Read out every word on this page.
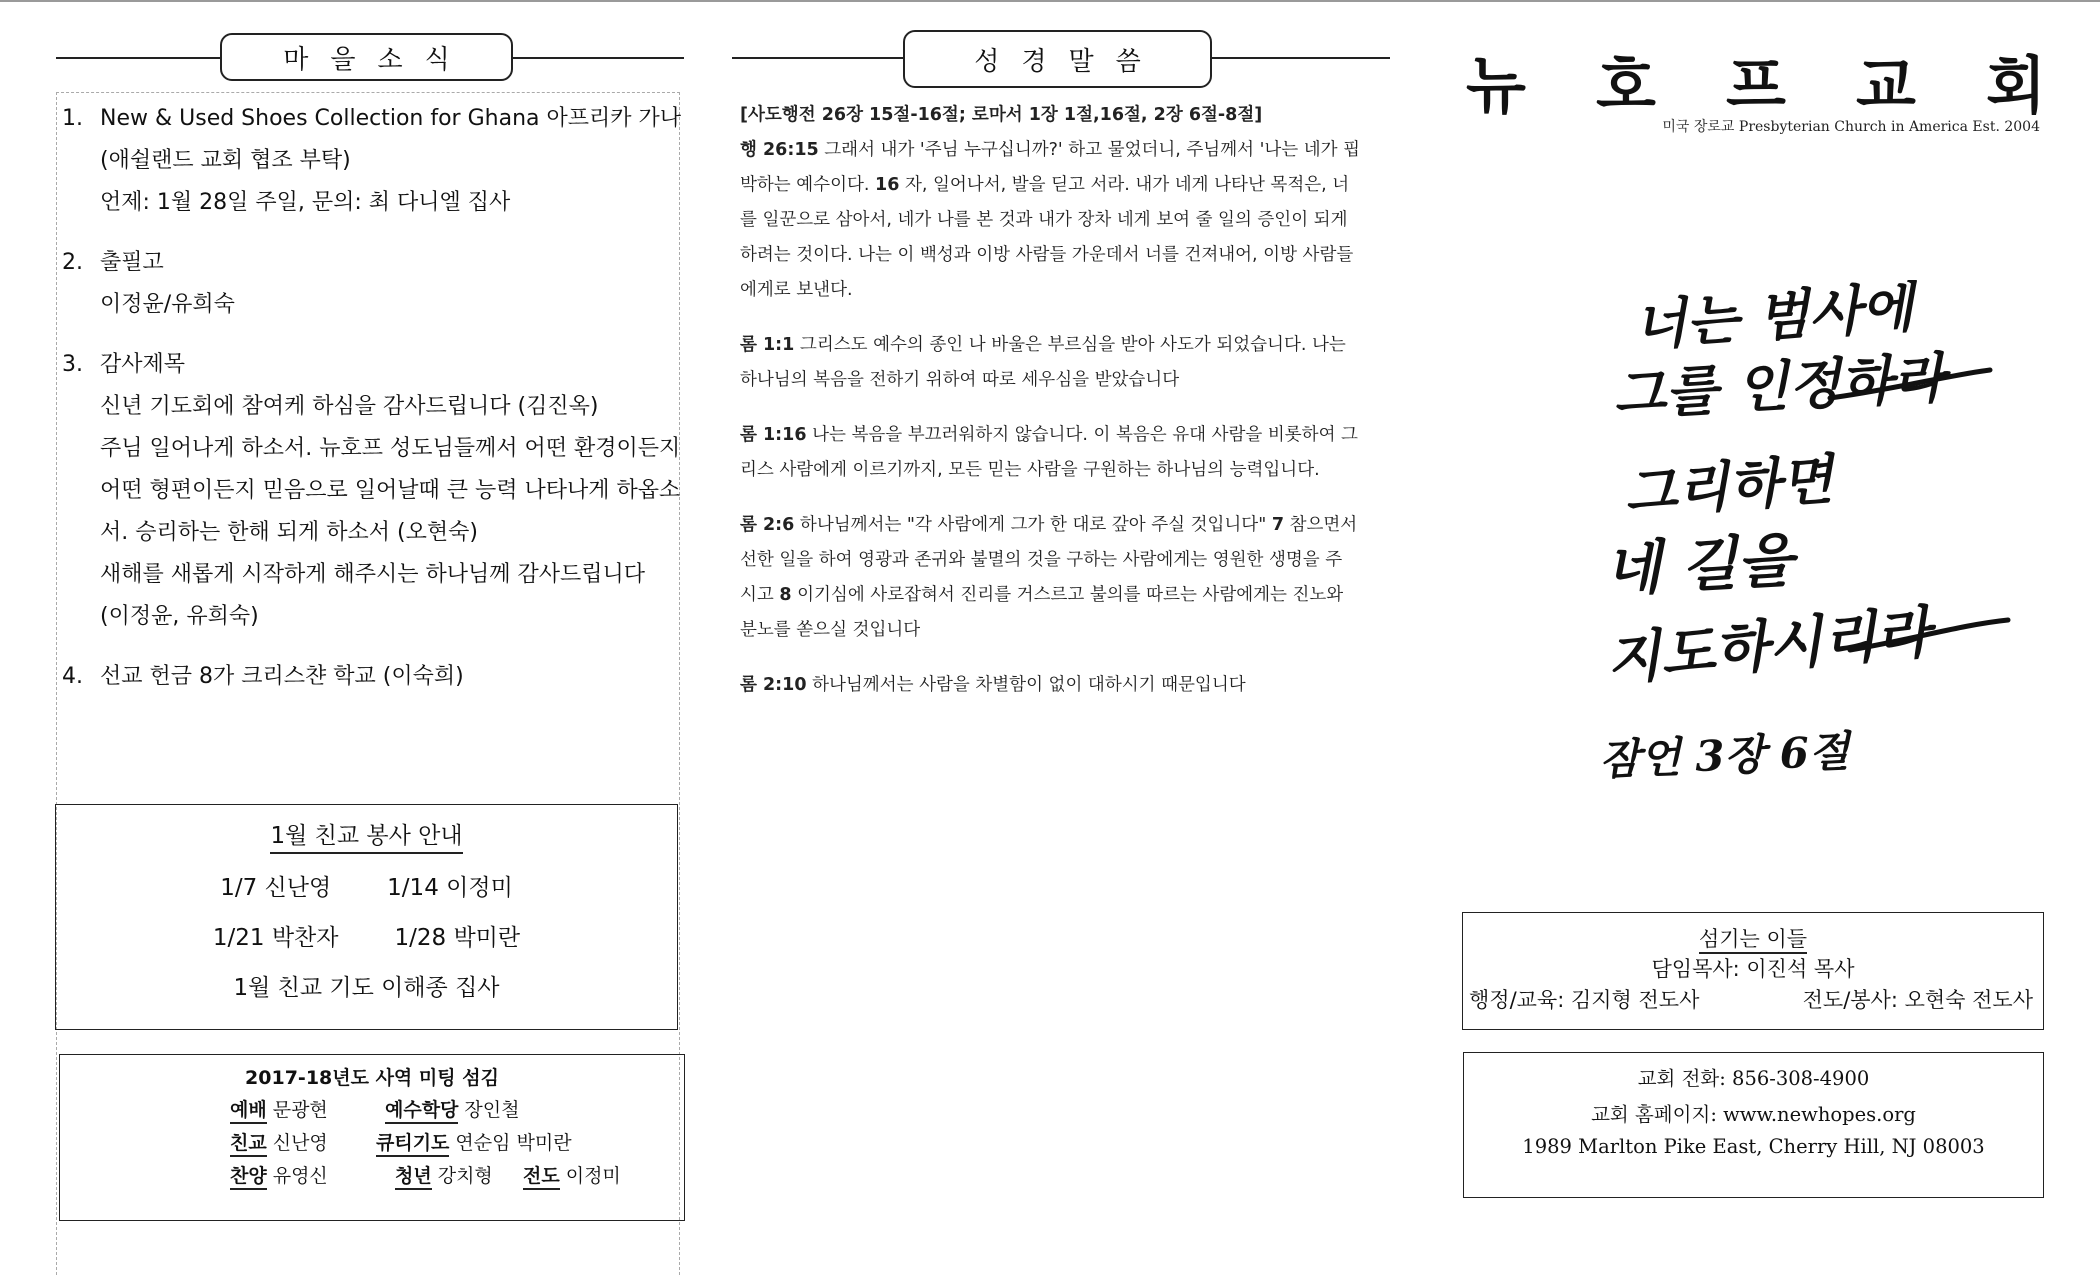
마을소식
1. New & Used Shoes Collection for Ghana 아프리카 가나
(애쉴랜드 교회 협조 부탁)
언제: 1월 28일 주일, 문의: 최 다니엘 집사
2. 출필고
이정윤/유희숙
3. 감사제목
신년 기도회에 참여케 하심을 감사드립니다 (김진옥)
주님 일어나게 하소서. 뉴호프 성도님들께서 어떤 환경이든지
어떤 형편이든지 믿음으로 일어날때 큰 능력 나타나게 하옵소
서. 승리하는 한해 되게 하소서 (오현숙)
새해를 새롭게 시작하게 해주시는 하나님께 감사드립니다
(이정윤, 유희숙)
4. 선교 헌금 8가 크리스챤 학교 (이숙희)
1월 친교 봉사 안내
1/7 신난영 1/14 이정미
1/21 박찬자 1/28 박미란
1월 친교 기도 이해종 집사
2017-18년도 사역 미팅 섬김
예배 문광현	예수학당 장인철
친교 신난영	큐티기도 연순임 박미란
찬양 유영신	청년 강치형 전도 이정미
성경말씀
[사도행전 26장 15절-16절; 로마서 1장 1절,16절, 2장 6절-8절]
행 26:15 그래서 내가 '주님 누구십니까?' 하고 물었더니, 주님께서 '나는 네가 핍
박하는 예수이다. 16 자, 일어나서, 발을 딛고 서라. 내가 네게 나타난 목적은, 너
를 일꾼으로 삼아서, 네가 나를 본 것과 내가 장차 네게 보여 줄 일의 증인이 되게
하려는 것이다. 나는 이 백성과 이방 사람들 가운데서 너를 건져내어, 이방 사람들
에게로 보낸다.
롬 1:1 그리스도 예수의 종인 나 바울은 부르심을 받아 사도가 되었습니다. 나는
하나님의 복음을 전하기 위하여 따로 세우심을 받았습니다
롬 1:16 나는 복음을 부끄러워하지 않습니다. 이 복음은 유대 사람을 비롯하여 그
리스 사람에게 이르기까지, 모든 믿는 사람을 구원하는 하나님의 능력입니다.
롬 2:6 하나님께서는 "각 사람에게 그가 한 대로 갚아 주실 것입니다" 7 참으면서
선한 일을 하여 영광과 존귀와 불멸의 것을 구하는 사람에게는 영원한 생명을 주
시고 8 이기심에 사로잡혀서 진리를 거스르고 불의를 따르는 사람에게는 진노와
분노를 쏟으실 것입니다
롬 2:10 하나님께서는 사람을 차별함이 없이 대하시기 때문입니다
뉴 호 프 교 회
미국 장로교 Presbyterian Church in America Est. 2004
너는 범사에
그를 인정하라
그리하면
네 길을
지도하시리라
잠언 3장 6절
섬기는 이들
담임목사: 이진석 목사
행정/교육: 김지형 전도사	전도/봉사: 오현숙 전도사
교회 전화: 856-308-4900
교회 홈페이지: www.newhopes.org
1989 Marlton Pike East, Cherry Hill, NJ 08003
